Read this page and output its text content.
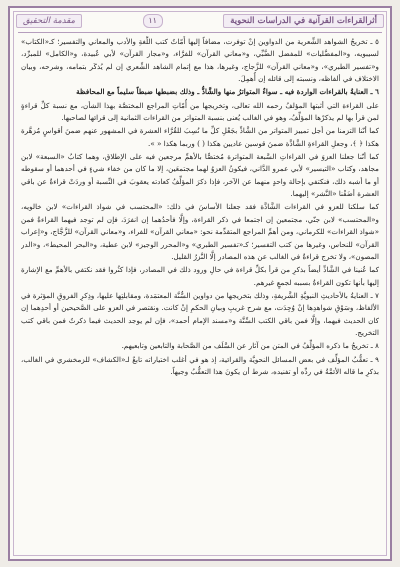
أثرالقراءات القرآنية في الدراسات النحوية
١١
مقدمة التحقيق

٥ ـ تخريجُ الشواهد الشِّعرية من الدواوين إنْ توفرت، مضافاً إليها أُمّاتُ كتب اللُّغةِ والأدب والمعاني والتفسير؛ كـ«الكتاب» لسيبويه، و«المفضَّليات» للمفضل الضَّبِّي، و«معاني القرآن» للفرَّاء، و«مجاز القرآن» لأبي عُبيدة، و«الكامل» للمبرِّد، و«تفسير الطبري»، و«معاني القرآن» للزَّجاج، وغيرها، هذا مع إتمام الشاهد الشِّعري إن لم يُذكَر بتمامه، وشرحه، وبيان الاختلاف في ألفاظه، ونسبته إلى قائله إن أُهمِلَ.

٦ ـ العنايةُ بالقراءات الواردة فيه ـ سواءٌ المتواترُ منها والشَّاذُّ ـ وذلك بضبطها ضبطاً سليماً مع المحافظة

على القراءة التي أثبتها المؤلفُ رحمه الله تعالى، وتخريجها من أُمّاتِ المراجع المختصَّة بهذا الشأن، مع نسبة كلِّ قراءةٍ لمن قرأ بها لم يذكرْها المؤلِّفُ، وهو في الغالب يُعنى بنسبة المتواتر من القراءات الثمانية إلى قرائها لصاحبها.

كما أنّنا التزمنا من أجل تمييز المتواتر من الشَّاذِّ بجَعْلِ كلِّ ما نُسِبَ للقُرَّاء العشرة في المشهور عنهم ضمنَ أقواسٍ مُزهَّرة هكذا ﴿ ﴾، وجعلِ القراءةِ الشَّاذَّة ضمنَ قوسين عاديين هكذا ( ) وربما هكذا « ».

كما أنّنا جعلنا العزوَ في القراءاتِ السَّبعة المتواترة مُختصًّا بالأهمِّ مرجعين فيه على الإطلاق، وهما كتابُ «السبعة» لابن مجاهد، وكتاب «التيسير» لأبي عمرو الدَّاني، فيكونُ العزوُ لهما مجتمعَين، إلا ما كان من خفاء شيءٍ في أحدهما أو سقوطه أو ما أشبه ذلك، فنكتفي بإحالة واحدٍ منهما عن الآخر، فإذا ذكرَ المؤلِّفُ كعادته يعقوبَ في النِّسبة أو وردَتْ قراءةٌ عن باقي العشرة أضَفْنا «النَّشر» إليهما.

كما سلكنا للعزو في القراءات الشَّاذَّة فقد جعلنا الأساسَ في ذلك: «المحتسب في شواذ القراءات» لابن خالويه، و«المحتسب» لابن جنّي، مجتمعين إن اجتمعا في ذكر القراءة، وإلَّا فأحدُهما إن انفرَدَ، فإن لم توجد فيهما القراءةُ فمن «شواذ القراءات» للكرماني، ومن أهمِّ المراجع المتقدِّمة نحو: «معاني القرآن» للفراء، و«معاني القرآن» للزَّجَّاج، و«إعراب القرآن» للنحاس، وغيرها من كتب التفسير؛ كـ«تفسير الطبري» و«المحرر الوجيز» لابن عطية، و«البحر المحيط»، و«الدر المصون»، ولا تخرج قراءةٌ في الغالب عن هذه المصادر إلَّا النَّزرُ القليل.

كما عُنينا في الشَّاذِّ أيضاً بذكرِ من قرأ بكلِّ قراءة في حالِ ورود ذلك في المصادر، فإذا كثُروا فقد نكتفي بالأهمِّ مع الإشارة إليها بأنها تكون القراءةُ بسببه لجمعٍ غيرهم.

٧ ـ العنايةُ بالأحاديثِ النبويَّةِ الشَّريفةِ، وذلك بتخريجها من دواوين السُّنَّة المعتمَدة، ومقابلتِها عليها، وذِكرِ الفروقِ المؤثرة في الألفاظ، وسَوْقِ شواهدِها إنْ وُجِدَت، مع شرح غريبِ وبيانِ الحكمِ إنْ كانت. ونقتصر في العزو على الصَّحيحين أو أحدِهما إن كان الحديث فيهما، وإلَّا فمن باقي الكتب السِّتَّة و«مسند الإمام أحمد»، فإن لم يوجد الحديث فيما ذكرتُ فمن باقي كتب التخريج.

٨ ـ تخريجُ ما ذكره المؤلِّفُ في المتن من آثار عن السَّلَف من الصَّحابة والتابعين وتابعيهم.

٩ ـ تعقُّبُ المؤلِّف في بعض المسائل النحويَّة والقرائية، إذ هو في أغلب اختياراته تابعٌ لـ«الكشاف» للزمخشري في الغالب، بذكرِ ما قاله الأئمَّةُ في ردِّه أو تفنيده، شرط أن يكونَ هذا التعقُّبُ وجيهاً.
